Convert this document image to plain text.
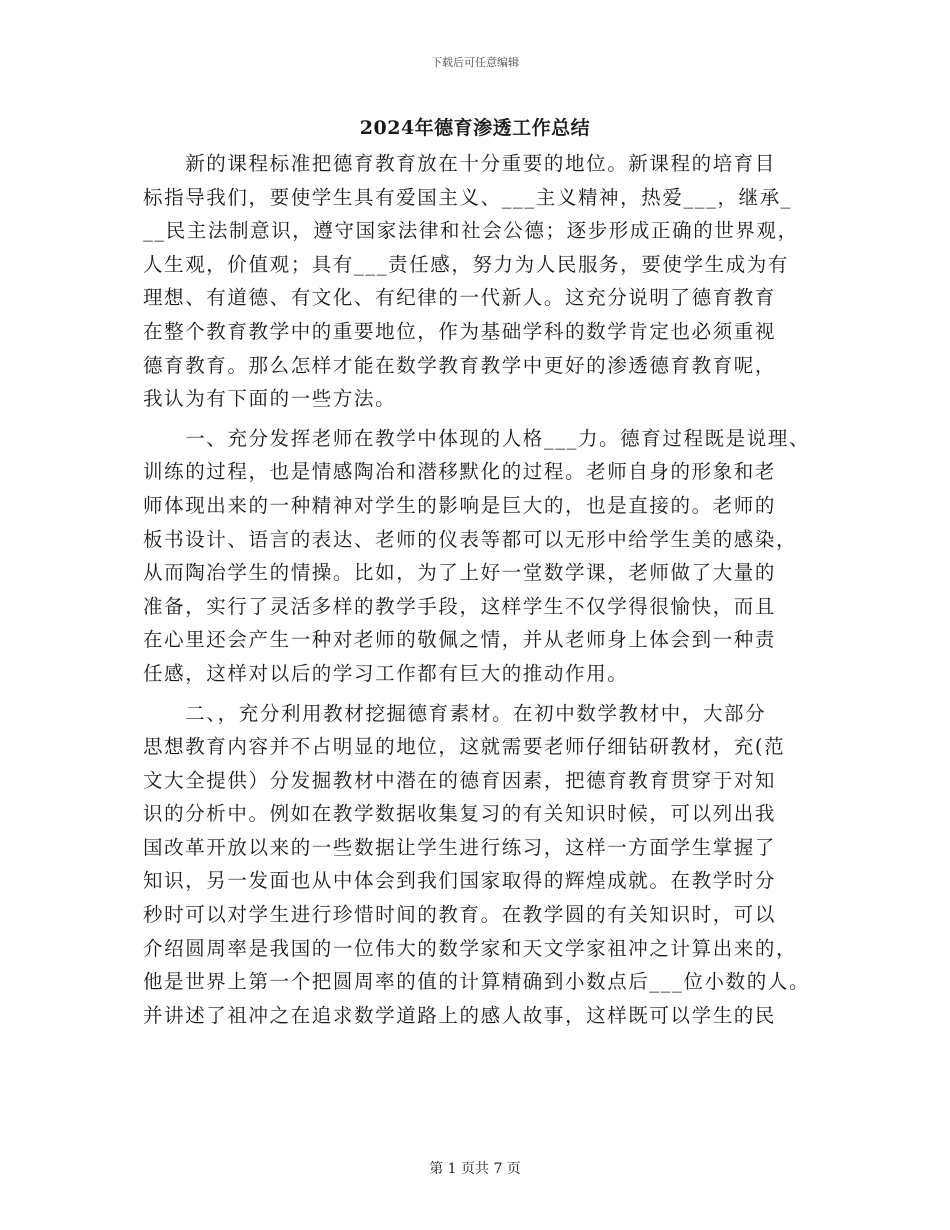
下载后可任意编辑
2024年德育渗透工作总结
　　新的课程标准把德育教育放在十分重要的地位。新课程的培育目
标指导我们，要使学生具有爱国主义、___主义精神，热爱___，继承_
__民主法制意识，遵守国家法律和社会公德；逐步形成正确的世界观，
人生观，价值观；具有___责任感，努力为人民服务，要使学生成为有
理想、有道德、有文化、有纪律的一代新人。这充分说明了德育教育
在整个教育教学中的重要地位，作为基础学科的数学肯定也必须重视
德育教育。那么怎样才能在数学教育教学中更好的渗透德育教育呢，
我认为有下面的一些方法。
　　一、充分发挥老师在教学中体现的人格___力。德育过程既是说理、
训练的过程，也是情感陶冶和潜移默化的过程。老师自身的形象和老
师体现出来的一种精神对学生的影响是巨大的，也是直接的。老师的
板书设计、语言的表达、老师的仪表等都可以无形中给学生美的感染，
从而陶冶学生的情操。比如，为了上好一堂数学课，老师做了大量的
准备，实行了灵活多样的教学手段，这样学生不仅学得很愉快，而且
在心里还会产生一种对老师的敬佩之情，并从老师身上体会到一种责
任感，这样对以后的学习工作都有巨大的推动作用。
　　二、，充分利用教材挖掘德育素材。在初中数学教材中，大部分
思想教育内容并不占明显的地位，这就需要老师仔细钻研教材，充(范
文大全提供）分发掘教材中潜在的德育因素，把德育教育贯穿于对知
识的分析中。例如在教学数据收集复习的有关知识时候，可以列出我
国改革开放以来的一些数据让学生进行练习，这样一方面学生掌握了
知识，另一发面也从中体会到我们国家取得的辉煌成就。在教学时分
秒时可以对学生进行珍惜时间的教育。在教学圆的有关知识时，可以
介绍圆周率是我国的一位伟大的数学家和天文学家祖冲之计算出来的，
他是世界上第一个把圆周率的值的计算精确到小数点后___位小数的人。
并讲述了祖冲之在追求数学道路上的感人故事，这样既可以学生的民
第 1 页共 7 页
